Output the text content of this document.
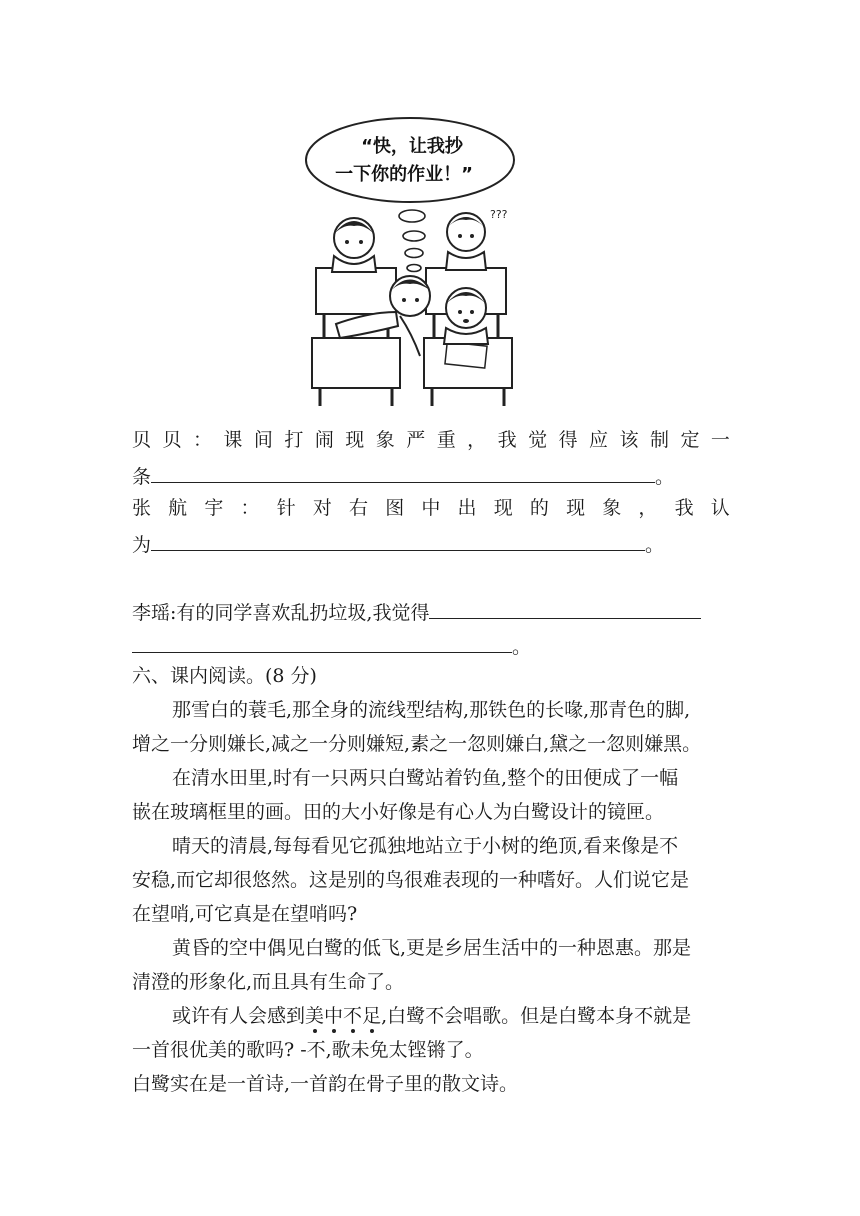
“快，让我抄
一下你的作业！”
???
贝 贝 ： 课 间 打 闹 现 象 严 重 ， 我 觉 得 应 该 制 定 一
条	。
张 航 宇 ： 针 对 右 图 中 出 现 的 现 象 ， 我 认
为	。
李瑶:有的同学喜欢乱扔垃圾,我觉得
。
六、课内阅读。(8 分)
那雪白的蓑毛,那全身的流线型结构,那铁色的长喙,那青色的脚,
增之一分则嫌长,减之一分则嫌短,素之一忽则嫌白,黛之一忽则嫌黑。
在清水田里,时有一只两只白鹭站着钓鱼,整个的田便成了一幅
嵌在玻璃框里的画。田的大小好像是有心人为白鹭设计的镜匣。
晴天的清晨,每每看见它孤独地站立于小树的绝顶,看来像是不
安稳,而它却很悠然。这是别的鸟很难表现的一种嗜好。人们说它是
在望哨,可它真是在望哨吗?
黄昏的空中偶见白鹭的低飞,更是乡居生活中的一种恩惠。那是
清澄的形象化,而且具有生命了。
或许有人会感到美中不足,白鹭不会唱歌。但是白鹭本身不就是
一首很优美的歌吗? -不,歌未免太铿锵了。
白鹭实在是一首诗,一首韵在骨子里的散文诗。
